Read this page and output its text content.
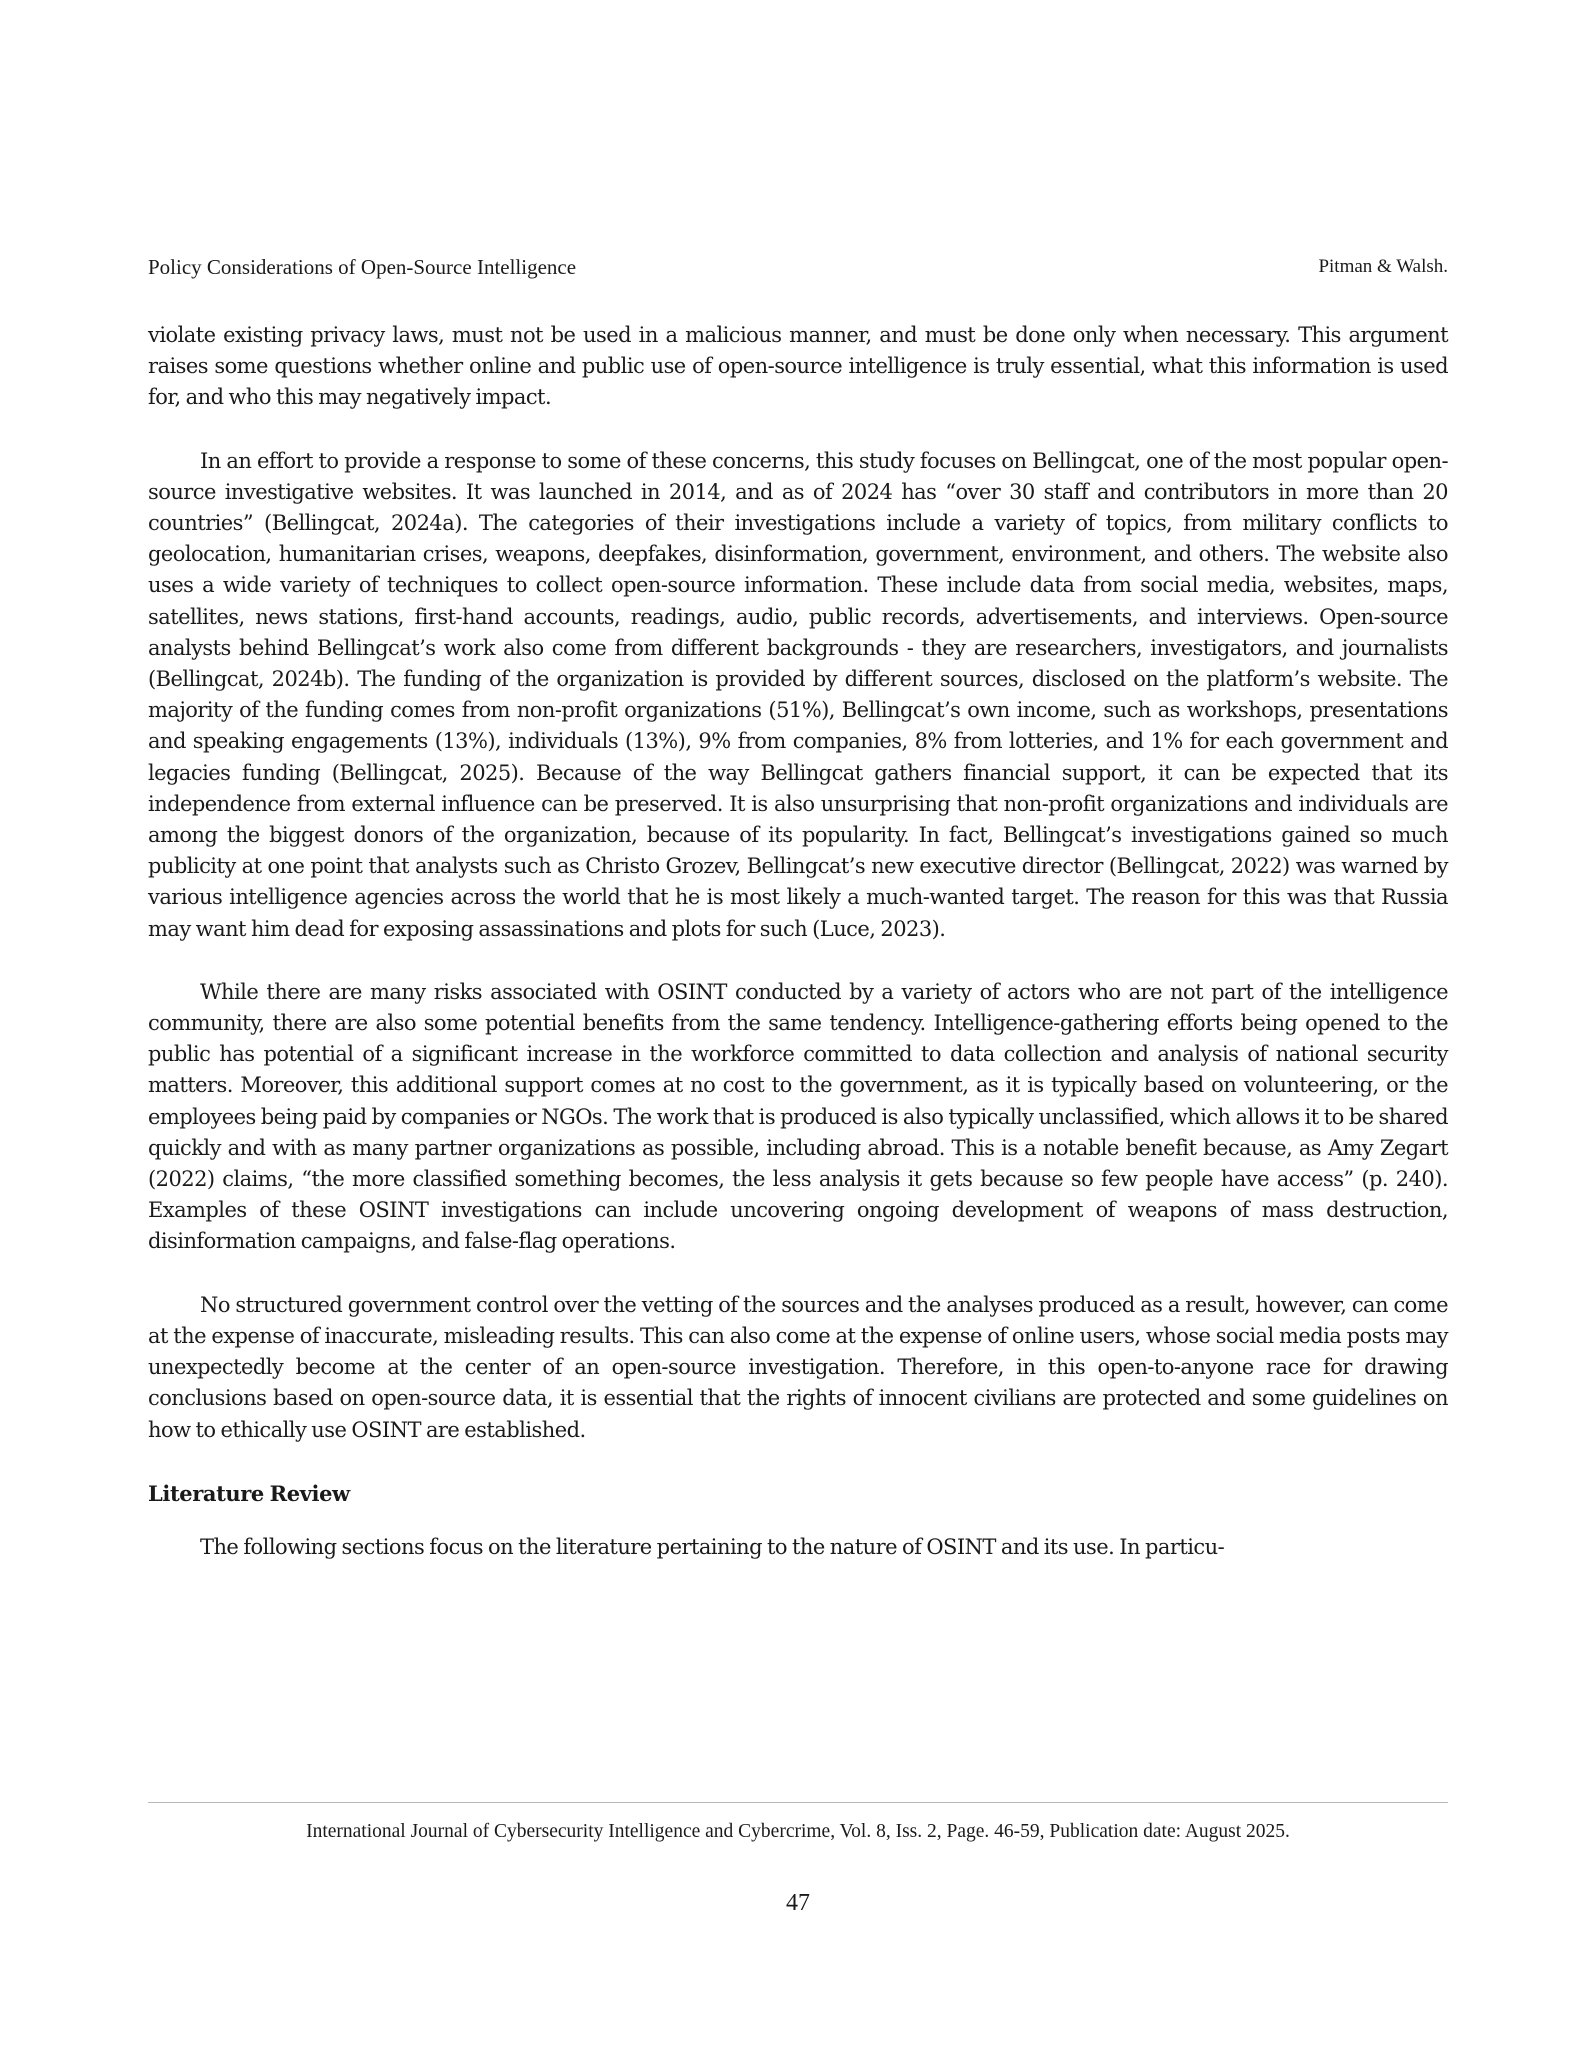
Policy Considerations of Open-Source Intelligence	Pitman & Walsh.

violate existing privacy laws, must not be used in a malicious manner, and must be done only when necessary. This argument raises some questions whether online and public use of open-source intelligence is truly essential, what this information is used for, and who this may negatively impact.

In an effort to provide a response to some of these concerns, this study focuses on Bellingcat, one of the most popular open-source investigative websites. It was launched in 2014, and as of 2024 has “over 30 staff and contributors in more than 20 countries” (Bellingcat, 2024a). The categories of their investigations include a variety of topics, from military conflicts to geolocation, humanitarian crises, weapons, deepfakes, disinformation, government, environment, and others. The website also uses a wide variety of techniques to collect open-source information. These include data from social media, websites, maps, satellites, news stations, first-hand accounts, readings, audio, public records, advertisements, and interviews. Open-source analysts behind Bellingcat’s work also come from different backgrounds - they are researchers, investigators, and journalists (Bellingcat, 2024b). The funding of the organization is provided by different sources, disclosed on the platform’s website. The majority of the funding comes from non-profit organizations (51%), Bellingcat’s own income, such as workshops, presentations and speaking engagements (13%), individuals (13%), 9% from companies, 8% from lotteries, and 1% for each government and legacies funding (Bellingcat, 2025). Because of the way Bellingcat gathers financial support, it can be expected that its independence from external influence can be preserved. It is also unsurprising that non-profit organizations and individuals are among the biggest donors of the organization, because of its popularity. In fact, Bellingcat’s investigations gained so much publicity at one point that analysts such as Christo Grozev, Bellingcat’s new executive director (Bellingcat, 2022) was warned by various intelligence agencies across the world that he is most likely a much-wanted target. The reason for this was that Russia may want him dead for exposing assassinations and plots for such (Luce, 2023).

While there are many risks associated with OSINT conducted by a variety of actors who are not part of the intelligence community, there are also some potential benefits from the same tendency. Intelligence-gathering efforts being opened to the public has potential of a significant increase in the workforce committed to data collection and analysis of national security matters. Moreover, this additional support comes at no cost to the government, as it is typically based on volunteering, or the employees being paid by companies or NGOs. The work that is produced is also typically unclassified, which allows it to be shared quickly and with as many partner organizations as possible, including abroad. This is a notable benefit because, as Amy Zegart (2022) claims, “the more classified something becomes, the less analysis it gets because so few people have access” (p. 240). Examples of these OSINT investigations can include uncovering ongoing development of weapons of mass destruction, disinformation campaigns, and false-flag operations.

No structured government control over the vetting of the sources and the analyses produced as a result, however, can come at the expense of inaccurate, misleading results. This can also come at the expense of online users, whose social media posts may unexpectedly become at the center of an open-source investigation. Therefore, in this open-to-anyone race for drawing conclusions based on open-source data, it is essential that the rights of innocent civilians are protected and some guidelines on how to ethically use OSINT are established.

Literature Review

The following sections focus on the literature pertaining to the nature of OSINT and its use. In particu-

International Journal of Cybersecurity Intelligence and Cybercrime, Vol. 8, Iss. 2, Page. 46-59, Publication date: August 2025.
47
